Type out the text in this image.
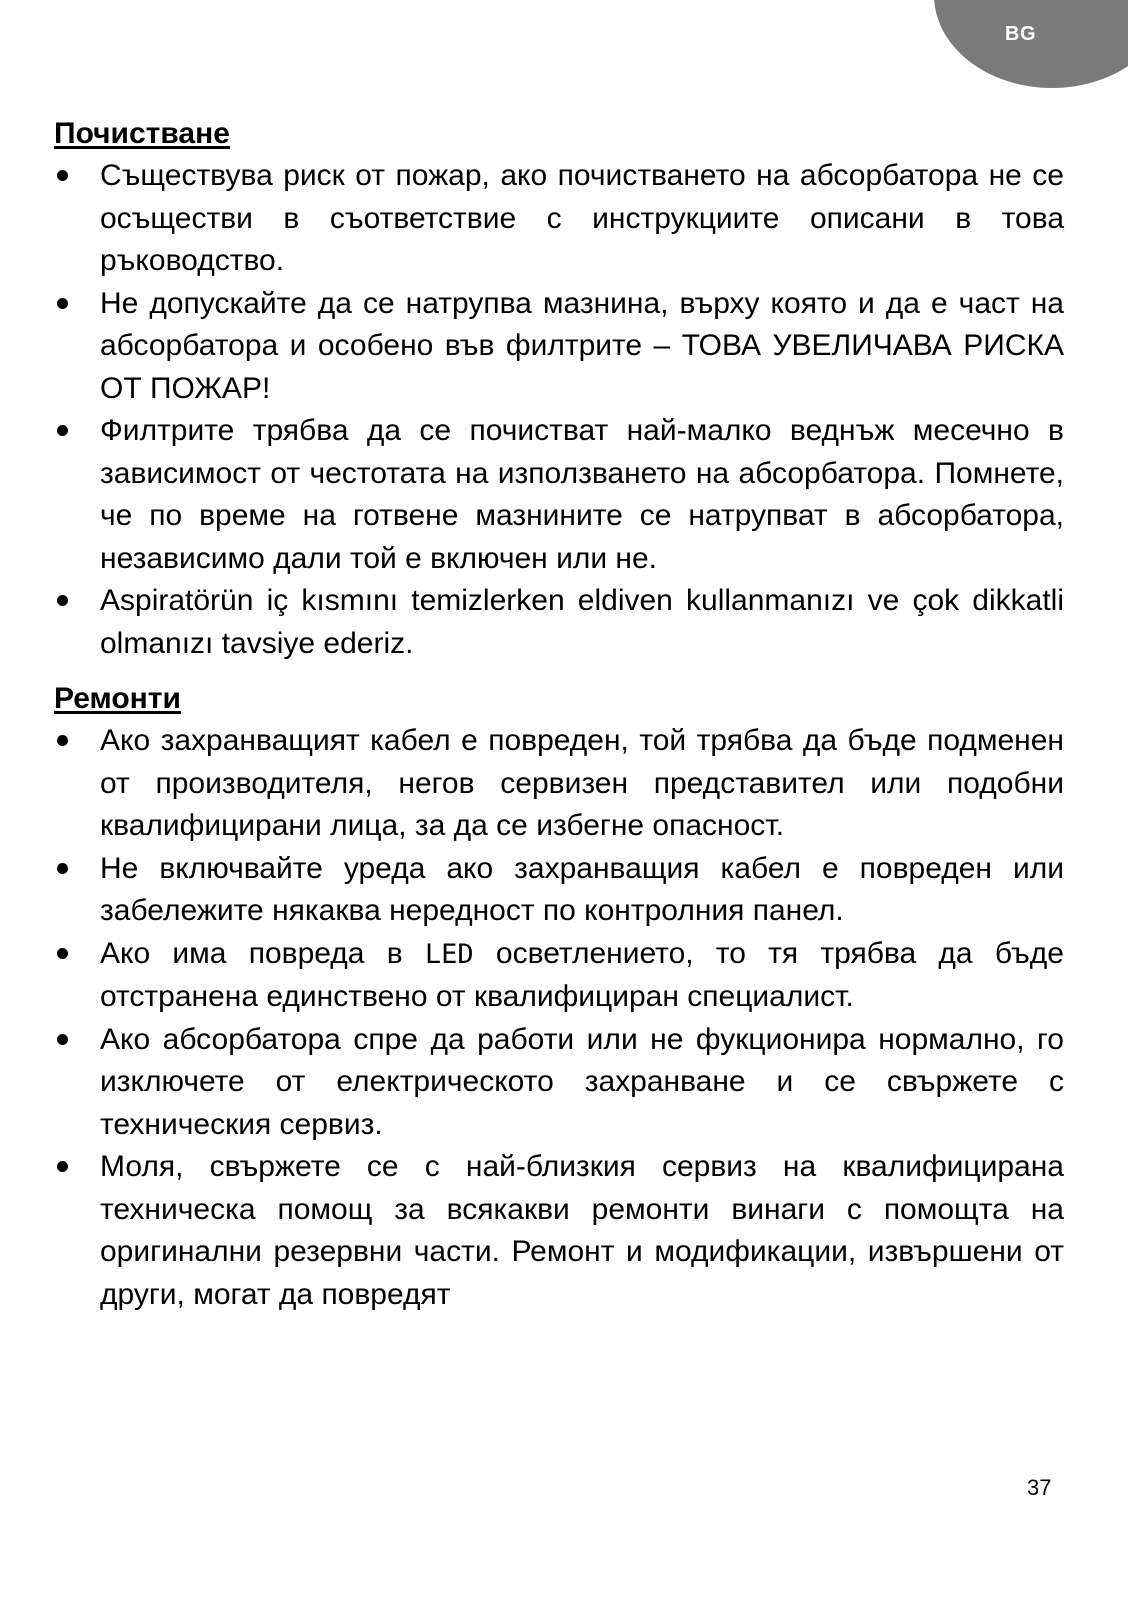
BG
Почистване
Съществува риск от пожар, ако почистването на абсорбатора не се осъществи в съответствие с инструкциите описани в това ръководство.
Не допускайте да се натрупва мазнина, върху която и да е част на абсорбатора и особено във филтрите – ТОВА УВЕЛИЧАВА РИСКА ОТ ПОЖАР!
Филтрите трябва да се почистват най-малко веднъж месечно в зависимост от честотата на използването на абсорбатора. Помнете, че по време на готвене мазнините се натрупват в абсорбатора, независимо дали той е включен или не.
Aspiratörün iç kısmını temizlerken eldiven kullanmanızı ve çok dikkatli olmanızı tavsiye ederiz.
Ремонти
Ако захранващият кабел е повреден, той трябва да бъде подменен от производителя, негов сервизен представител или подобни квалифицирани лица, за да се избегне опасност.
Не включвайте уреда ако захранващия кабел е повреден или забележите някаква нередност по контролния панел.
Ако има повреда в LED осветлението, то тя трябва да бъде отстранена единствено от квалифициран специалист.
Ако абсорбатора спре да работи или не фукционира нормално, го изключете от електрическото захранване и се свържете с техническия сервиз.
Моля, свържете се с най-близкия сервиз на квалифицирана техническа помощ за всякакви ремонти винаги с помощта на оригинални резервни части. Ремонт и модификации, извършени от други, могат да повредят
37
